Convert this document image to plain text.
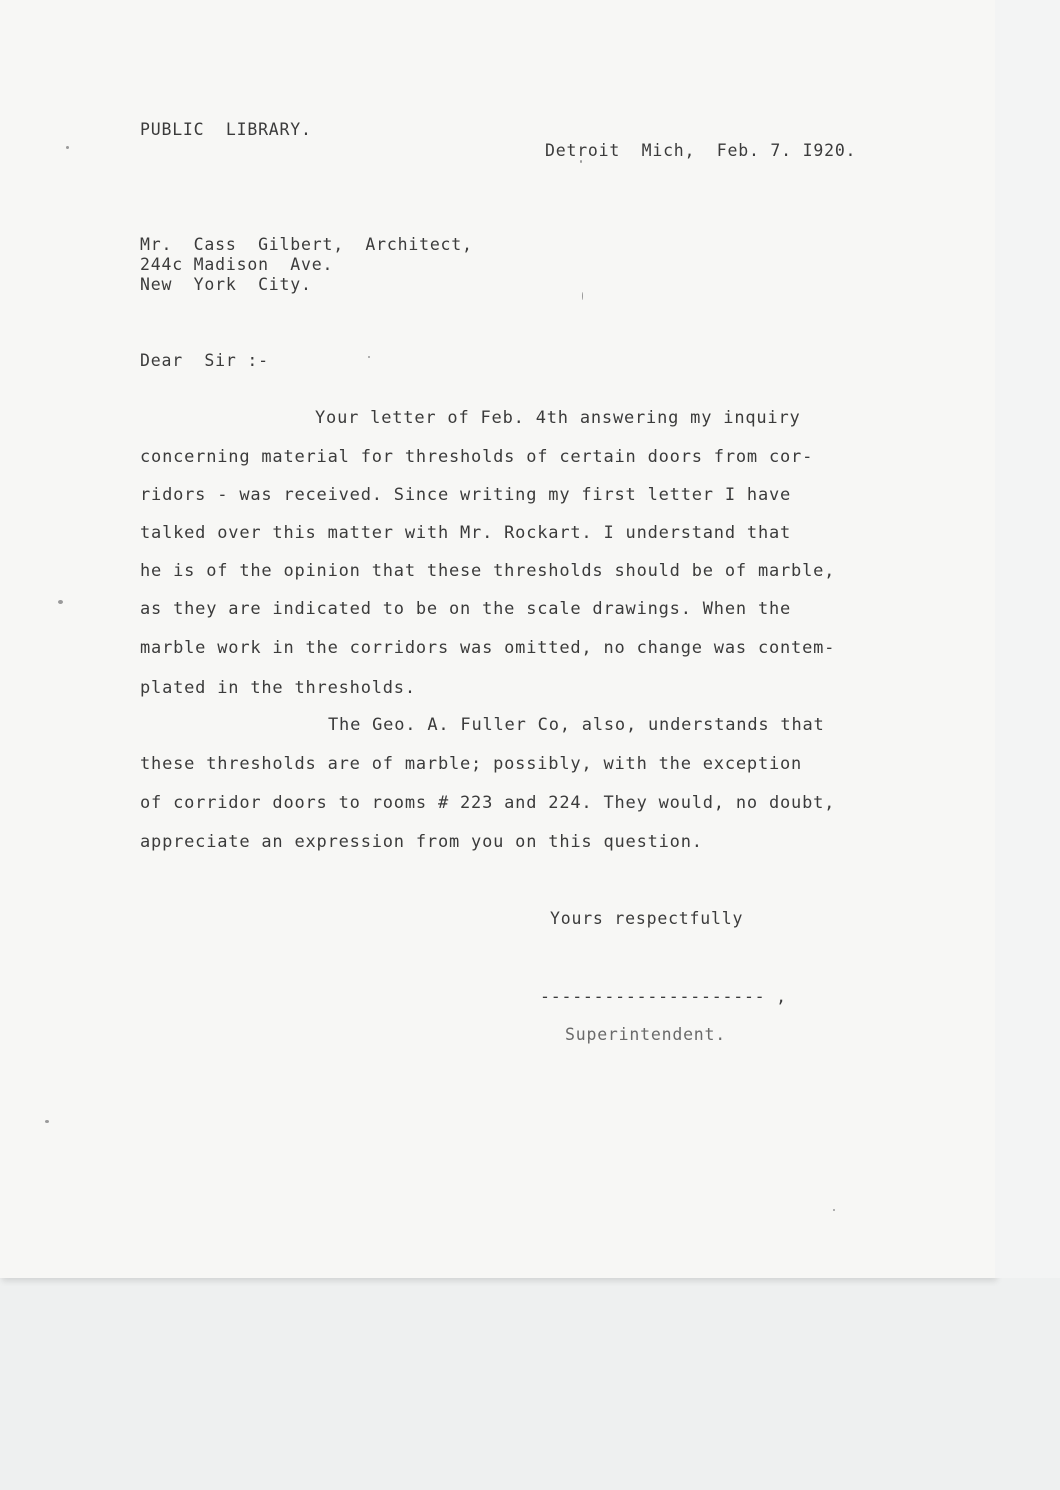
PUBLIC  LIBRARY.
Detroit  Mich,  Feb. 7. I920.
Mr.  Cass  Gilbert,  Architect,
244c Madison  Ave.
New  York  City.
Dear  Sir :-
Your letter of Feb. 4th answering my inquiry
concerning material for thresholds of certain doors from cor-
ridors - was received. Since writing my first letter I have
talked over this matter with Mr. Rockart. I understand that
he is of the opinion that these thresholds should be of marble,
as they are indicated to be on the scale drawings. When the
marble work in the corridors was omitted, no change was contem-
plated in the thresholds.
The Geo. A. Fuller Co, also, understands that
these thresholds are of marble; possibly, with the exception
of corridor doors to rooms # 223 and 224. They would, no doubt,
appreciate an expression from you on this question.
Yours respectfully
--------------------- ,
Superintendent.
